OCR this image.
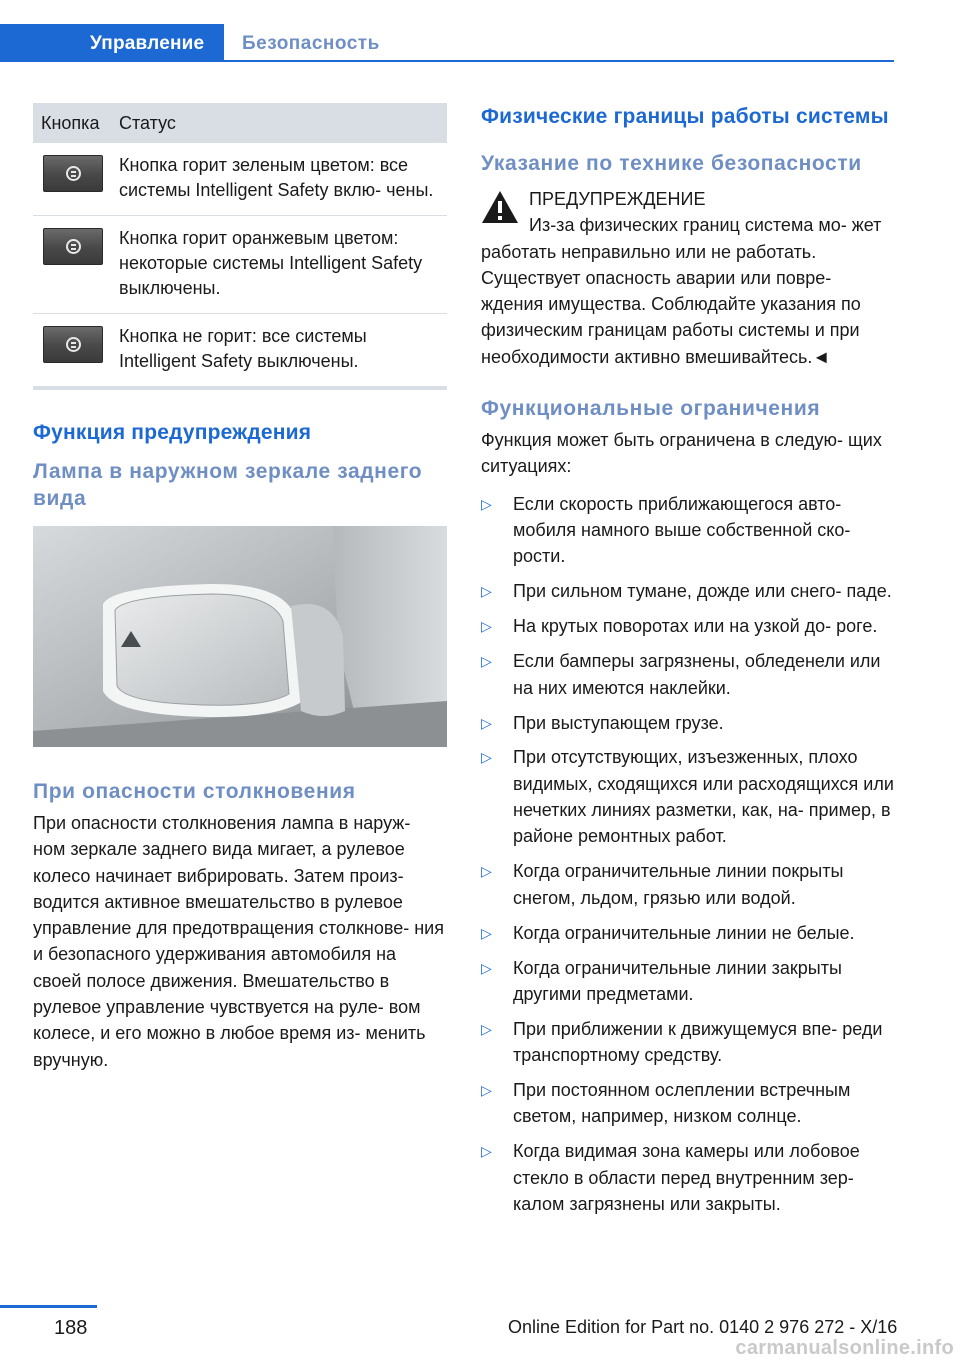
Управление	Безопасность
Кнопка	Статус

	Кнопка горит зеленым цветом: все системы Intelligent Safety вклю‐ чены.

	Кнопка горит оранжевым цветом: некоторые системы Intelligent Safety выключены.

	Кнопка не горит: все системы Intelligent Safety выключены.
Функция предупреждения
Лампа в наружном зеркале заднего вида
При опасности столкновения

При опасности столкновения лампа в наруж‐ ном зеркале заднего вида мигает, а рулевое колесо начинает вибрировать. Затем произ‐ водится активное вмешательство в рулевое управление для предотвращения столкнове‐ ния и безопасного удерживания автомобиля на своей полосе движения. Вмешательство в рулевое управление чувствуется на руле‐ вом колесе, и его можно в любое время из‐ менить вручную.

Физические границы работы системы
Указание по технике безопасности
ПРЕДУПРЕЖДЕНИЕ

Из-за физических границ система мо‐ жет работать неправильно или не работать. Существует опасность аварии или повре‐ ждения имущества. Соблюдайте указания по физическим границам работы системы и при необходимости активно вмешивайтесь.◄

Функциональные ограничения

Функция может быть ограничена в следую‐ щих ситуациях:

▷ Если скорость приближающегося авто‐ мобиля намного выше собственной ско‐ рости.
▷ При сильном тумане, дожде или снего‐ паде.
▷ На крутых поворотах или на узкой до‐ роге.
▷ Если бамперы загрязнены, обледенели или на них имеются наклейки.
▷ При выступающем грузе.
▷ При отсутствующих, изъезженных, плохо видимых, сходящихся или расходящихся или нечетких линиях разметки, как, на‐ пример, в районе ремонтных работ.
▷ Когда ограничительные линии покрыты снегом, льдом, грязью или водой.
▷ Когда ограничительные линии не белые.
▷ Когда ограничительные линии закрыты другими предметами.
▷ При приближении к движущемуся впе‐ реди транспортному средству.
▷ При постоянном ослеплении встречным светом, например, низком солнце.
▷ Когда видимая зона камеры или лобовое стекло в области перед внутренним зер‐ калом загрязнены или закрыты.
188	Online Edition for Part no. 0140 2 976 272 - X/16
carmanualsonline.info
